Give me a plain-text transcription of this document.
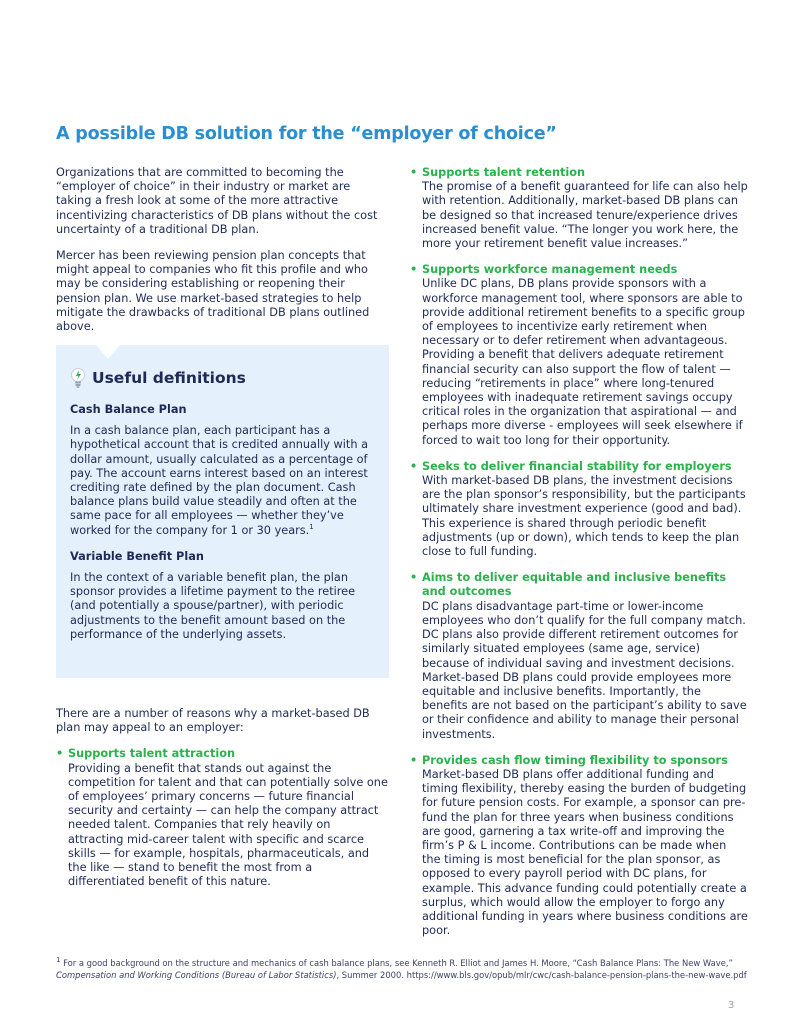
A possible DB solution for the “employer of choice”

Organizations that are committed to becoming the “employer of choice” in their industry or market are taking a fresh look at some of the more attractive incentivizing characteristics of DB plans without the cost uncertainty of a traditional DB plan.

Mercer has been reviewing pension plan concepts that might appeal to companies who fit this profile and who may be considering establishing or reopening their pension plan. We use market-based strategies to help mitigate the drawbacks of traditional DB plans outlined above.

Useful definitions
Cash Balance Plan
In a cash balance plan, each participant has a hypothetical account that is credited annually with a dollar amount, usually calculated as a percentage of pay. The account earns interest based on an interest crediting rate defined by the plan document. Cash balance plans build value steadily and often at the same pace for all employees — whether they’ve worked for the company for 1 or 30 years.$^1$
Variable Benefit Plan
In the context of a variable benefit plan, the plan sponsor provides a lifetime payment to the retiree (and potentially a spouse/partner), with periodic adjustments to the benefit amount based on the performance of the underlying assets.

There are a number of reasons why a market-based DB plan may appeal to an employer:

• Supports talent attraction
Providing a benefit that stands out against the competition for talent and that can potentially solve one of employees’ primary concerns — future financial security and certainty — can help the company attract needed talent. Companies that rely heavily on attracting mid-career talent with specific and scarce skills — for example, hospitals, pharmaceuticals, and the like — stand to benefit the most from a differentiated benefit of this nature.
• Supports talent retention
The promise of a benefit guaranteed for life can also help with retention. Additionally, market-based DB plans can be designed so that increased tenure/experience drives increased benefit value. “The longer you work here, the more your retirement benefit value increases.”
• Supports workforce management needs
Unlike DC plans, DB plans provide sponsors with a workforce management tool, where sponsors are able to provide additional retirement benefits to a specific group of employees to incentivize early retirement when necessary or to defer retirement when advantageous. Providing a benefit that delivers adequate retirement financial security can also support the flow of talent — reducing “retirements in place” where long-tenured employees with inadequate retirement savings occupy critical roles in the organization that aspirational — and perhaps more diverse - employees will seek elsewhere if forced to wait too long for their opportunity.
• Seeks to deliver financial stability for employers
With market-based DB plans, the investment decisions are the plan sponsor’s responsibility, but the participants ultimately share investment experience (good and bad). This experience is shared through periodic benefit adjustments (up or down), which tends to keep the plan close to full funding.
• Aims to deliver equitable and inclusive benefits and outcomes
DC plans disadvantage part-time or lower-income employees who don’t qualify for the full company match. DC plans also provide different retirement outcomes for similarly situated employees (same age, service) because of individual saving and investment decisions. Market-based DB plans could provide employees more equitable and inclusive benefits. Importantly, the benefits are not based on the participant’s ability to save or their confidence and ability to manage their personal investments.
• Provides cash flow timing flexibility to sponsors
Market-based DB plans offer additional funding and timing flexibility, thereby easing the burden of budgeting for future pension costs. For example, a sponsor can pre-fund the plan for three years when business conditions are good, garnering a tax write-off and improving the firm’s P & L income. Contributions can be made when the timing is most beneficial for the plan sponsor, as opposed to every payroll period with DC plans, for example. This advance funding could potentially create a surplus, which would allow the employer to forgo any additional funding in years where business conditions are poor.
$^1$ For a good background on the structure and mechanics of cash balance plans, see Kenneth R. Elliot and James H. Moore, “Cash Balance Plans: The New Wave,” Compensation and Working Conditions (Bureau of Labor Statistics), Summer 2000. https://www.bls.gov/opub/mlr/cwc/cash-balance-pension-plans-the-new-wave.pdf
3
